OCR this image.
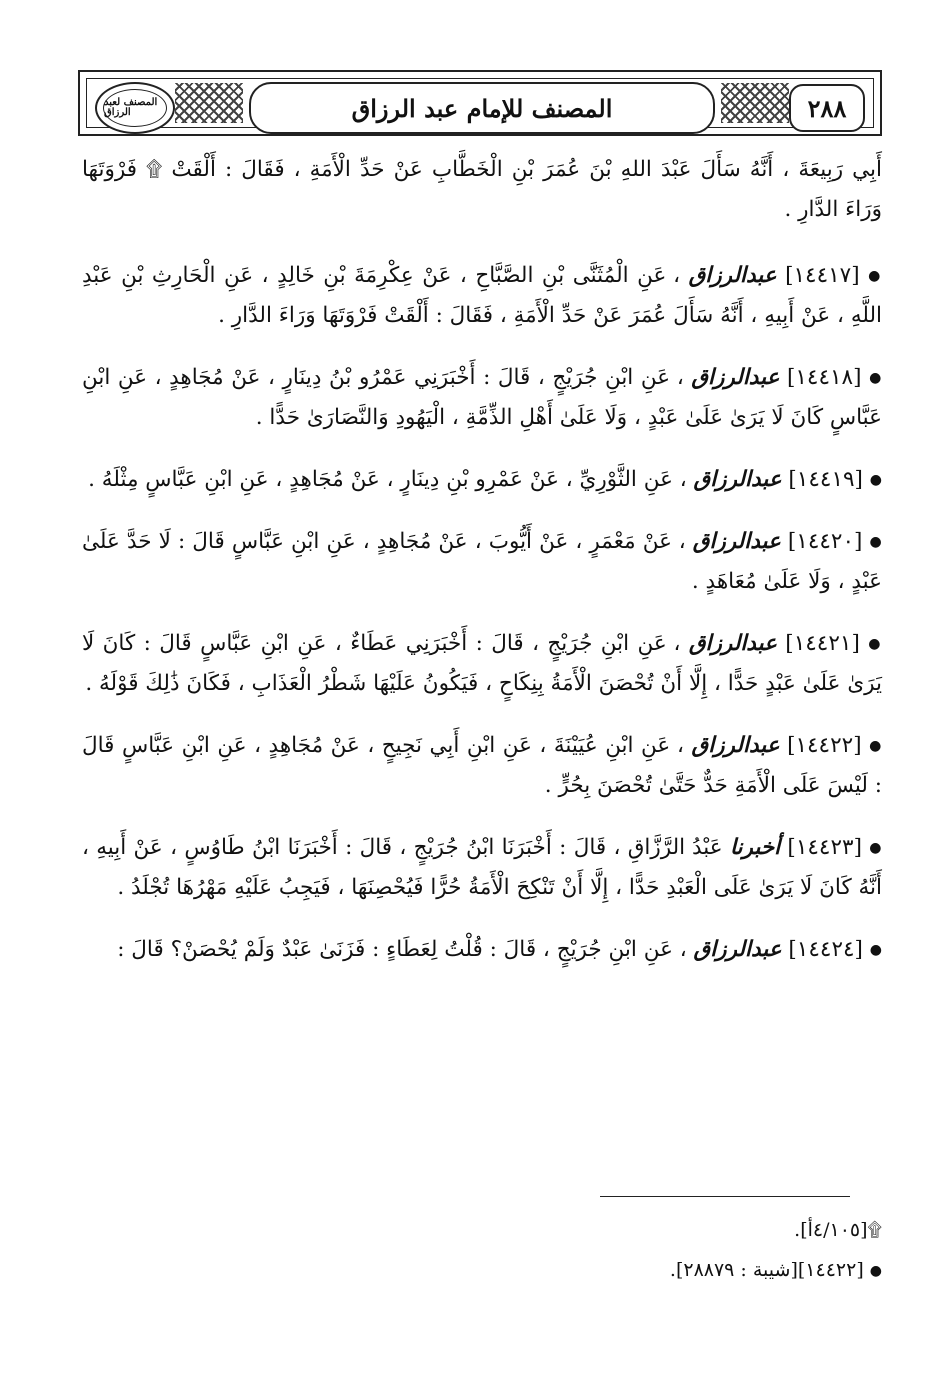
المصنف لعبد الرزاق	المصنف للإمام عبد الرزاق	٢٨٨

أَبِي رَبِيعَةَ ، أَنَّهُ سَأَلَ عَبْدَ اللهِ بْنَ عُمَرَ بْنِ الْخَطَّابِ عَنْ حَدِّ الْأَمَةِ ، فَقَالَ : أَلْقَتْ ۩ فَرْوَتَهَا وَرَاءَ الدَّارِ .

● [١٤٤١٧] عبدالرزاق ، عَنِ الْمُثَنَّى بْنِ الصَّبَّاحِ ، عَنْ عِكْرِمَةَ بْنِ خَالِدٍ ، عَنِ الْحَارِثِ بْنِ عَبْدِ اللَّهِ ، عَنْ أَبِيهِ ، أَنَّهُ سَأَلَ عُمَرَ عَنْ حَدِّ الْأَمَةِ ، فَقَالَ : أَلْقَتْ فَرْوَتَهَا وَرَاءَ الدَّارِ .

● [١٤٤١٨] عبدالرزاق ، عَنِ ابْنِ جُرَيْجٍ ، قَالَ : أَخْبَرَنِي عَمْرُو بْنُ دِينَارٍ ، عَنْ مُجَاهِدٍ ، عَنِ ابْنِ عَبَّاسٍ كَانَ لَا يَرَىٰ عَلَىٰ عَبْدٍ ، وَلَا عَلَىٰ أَهْلِ الذِّمَّةِ ، الْيَهُودِ وَالنَّصَارَىٰ حَدًّا .

● [١٤٤١٩] عبدالرزاق ، عَنِ الثَّوْرِيِّ ، عَنْ عَمْرِو بْنِ دِينَارٍ ، عَنْ مُجَاهِدٍ ، عَنِ ابْنِ عَبَّاسٍ مِثْلَهُ .

● [١٤٤٢٠] عبدالرزاق ، عَنْ مَعْمَرٍ ، عَنْ أَيُّوبَ ، عَنْ مُجَاهِدٍ ، عَنِ ابْنِ عَبَّاسٍ قَالَ : لَا حَدَّ عَلَىٰ عَبْدٍ ، وَلَا عَلَىٰ مُعَاهَدٍ .

● [١٤٤٢١] عبدالرزاق ، عَنِ ابْنِ جُرَيْجٍ ، قَالَ : أَخْبَرَنِي عَطَاءٌ ، عَنِ ابْنِ عَبَّاسٍ قَالَ : كَانَ لَا يَرَىٰ عَلَىٰ عَبْدٍ حَدًّا ، إِلَّا أَنْ تُحْصَنَ الْأَمَةُ بِنِكَاحٍ ، فَيَكُونُ عَلَيْهَا شَطْرُ الْعَذَابِ ، فَكَانَ ذَٰلِكَ قَوْلَهُ .

● [١٤٤٢٢] عبدالرزاق ، عَنِ ابْنِ عُيَيْنَةَ ، عَنِ ابْنِ أَبِي نَجِيحٍ ، عَنْ مُجَاهِدٍ ، عَنِ ابْنِ عَبَّاسٍ قَالَ : لَيْسَ عَلَى الْأَمَةِ حَدٌّ حَتَّىٰ تُحْصَنَ بِحُرٍّ .

● [١٤٤٢٣] أخبرنا عَبْدُ الرَّزَّاقِ ، قَالَ : أَخْبَرَنَا ابْنُ جُرَيْجٍ ، قَالَ : أَخْبَرَنَا ابْنُ طَاوُسٍ ، عَنْ أَبِيهِ ، أَنَّهُ كَانَ لَا يَرَىٰ عَلَى الْعَبْدِ حَدًّا ، إِلَّا أَنْ تَنْكِحَ الْأَمَةُ حُرًّا فَيُحْصِنَهَا ، فَيَجِبُ عَلَيْهِ مَهْرُهَا تُجْلَدُ .

● [١٤٤٢٤] عبدالرزاق ، عَنِ ابْنِ جُرَيْجٍ ، قَالَ : قُلْتُ لِعَطَاءٍ : فَزَنَىٰ عَبْدٌ وَلَمْ يُحْصَنْ؟ قَالَ :

۩[٤/١٠٥أ].

● [١٤٤٢٢][شيبة : ٢٨٨٧٩].
